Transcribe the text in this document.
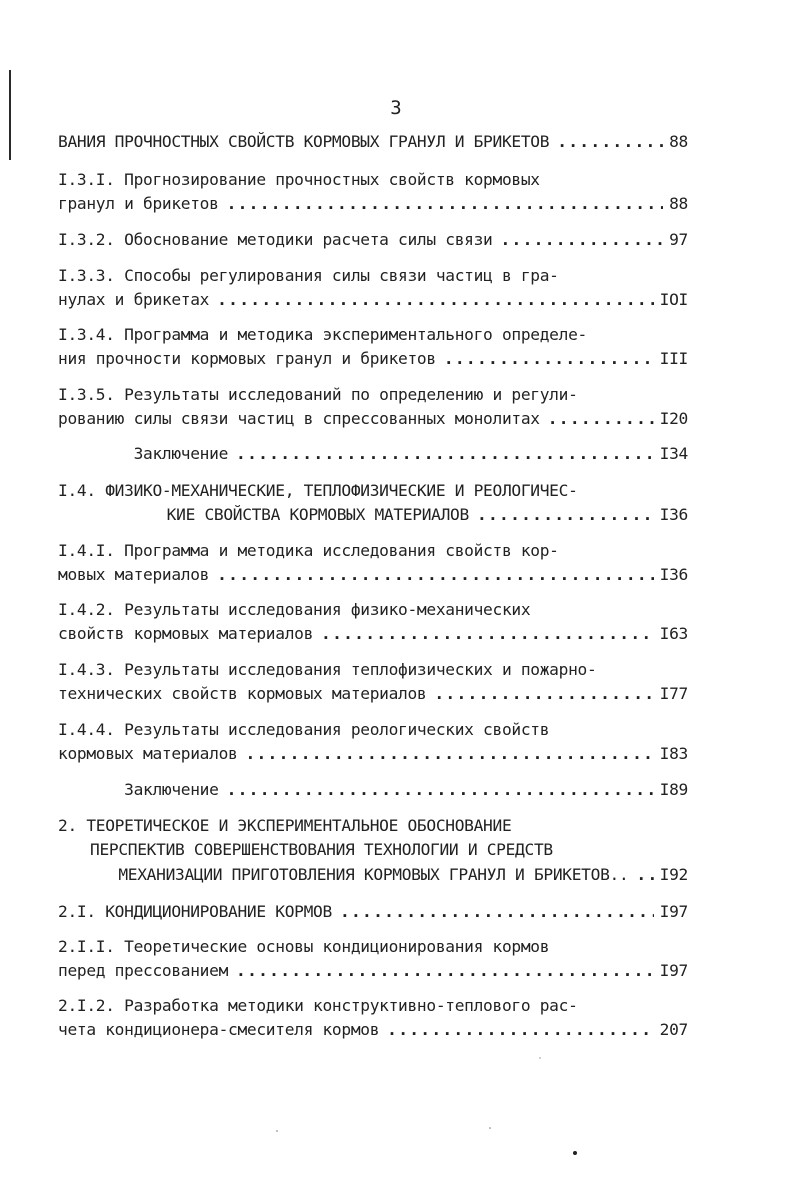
3
ВАНИЯ ПРОЧНОСТНЫХ СВОЙСТВ КОРМОВЫХ ГРАНУЛ И БРИКЕТОВ .....	88
I.3.I. Прогнозирование прочностных свойств кормовых
гранул и брикетов .....	88
I.3.2. Обоснование методики расчета силы связи .....	97
I.3.3. Способы регулирования силы связи частиц в гра-
нулах и брикетах .....	IOI
I.3.4. Программа и методика экспериментального определе-
ния прочности кормовых гранул и брикетов .....	III
I.3.5. Результаты исследований по определению и регули-
рованию силы связи частиц в спрессованных монолитах .....	I20
Заключение .....	I34
I.4. ФИЗИКО-МЕХАНИЧЕСКИЕ, ТЕПЛОФИЗИЧЕСКИЕ И РЕОЛОГИЧЕС-
КИЕ СВОЙСТВА КОРМОВЫХ МАТЕРИАЛОВ .....	I36
I.4.I. Программа и методика исследования свойств кор-
мовых материалов .....	I36
I.4.2. Результаты исследования физико-механических
свойств кормовых материалов .....	I63
I.4.3. Результаты исследования теплофизических и пожарно-
технических свойств кормовых материалов .....	I77
I.4.4. Результаты исследования реологических свойств
кормовых материалов .....	I83
Заключение .....	I89
2. ТЕОРЕТИЧЕСКОЕ И ЭКСПЕРИМЕНТАЛЬНОЕ ОБОСНОВАНИЕ
ПЕРСПЕКТИВ СОВЕРШЕНСТВОВАНИЯ ТЕХНОЛОГИИ И СРЕДСТВ
МЕХАНИЗАЦИИ ПРИГОТОВЛЕНИЯ КОРМОВЫХ ГРАНУЛ И БРИКЕТОВ.. ..... I92
2.I. КОНДИЦИОНИРОВАНИЕ КОРМОВ .....	I97
2.I.I. Теоретические основы кондиционирования кормов
перед прессованием .....	I97
2.I.2. Разработка методики конструктивно-теплового рас-
чета кондиционера-смесителя кормов .....	207
